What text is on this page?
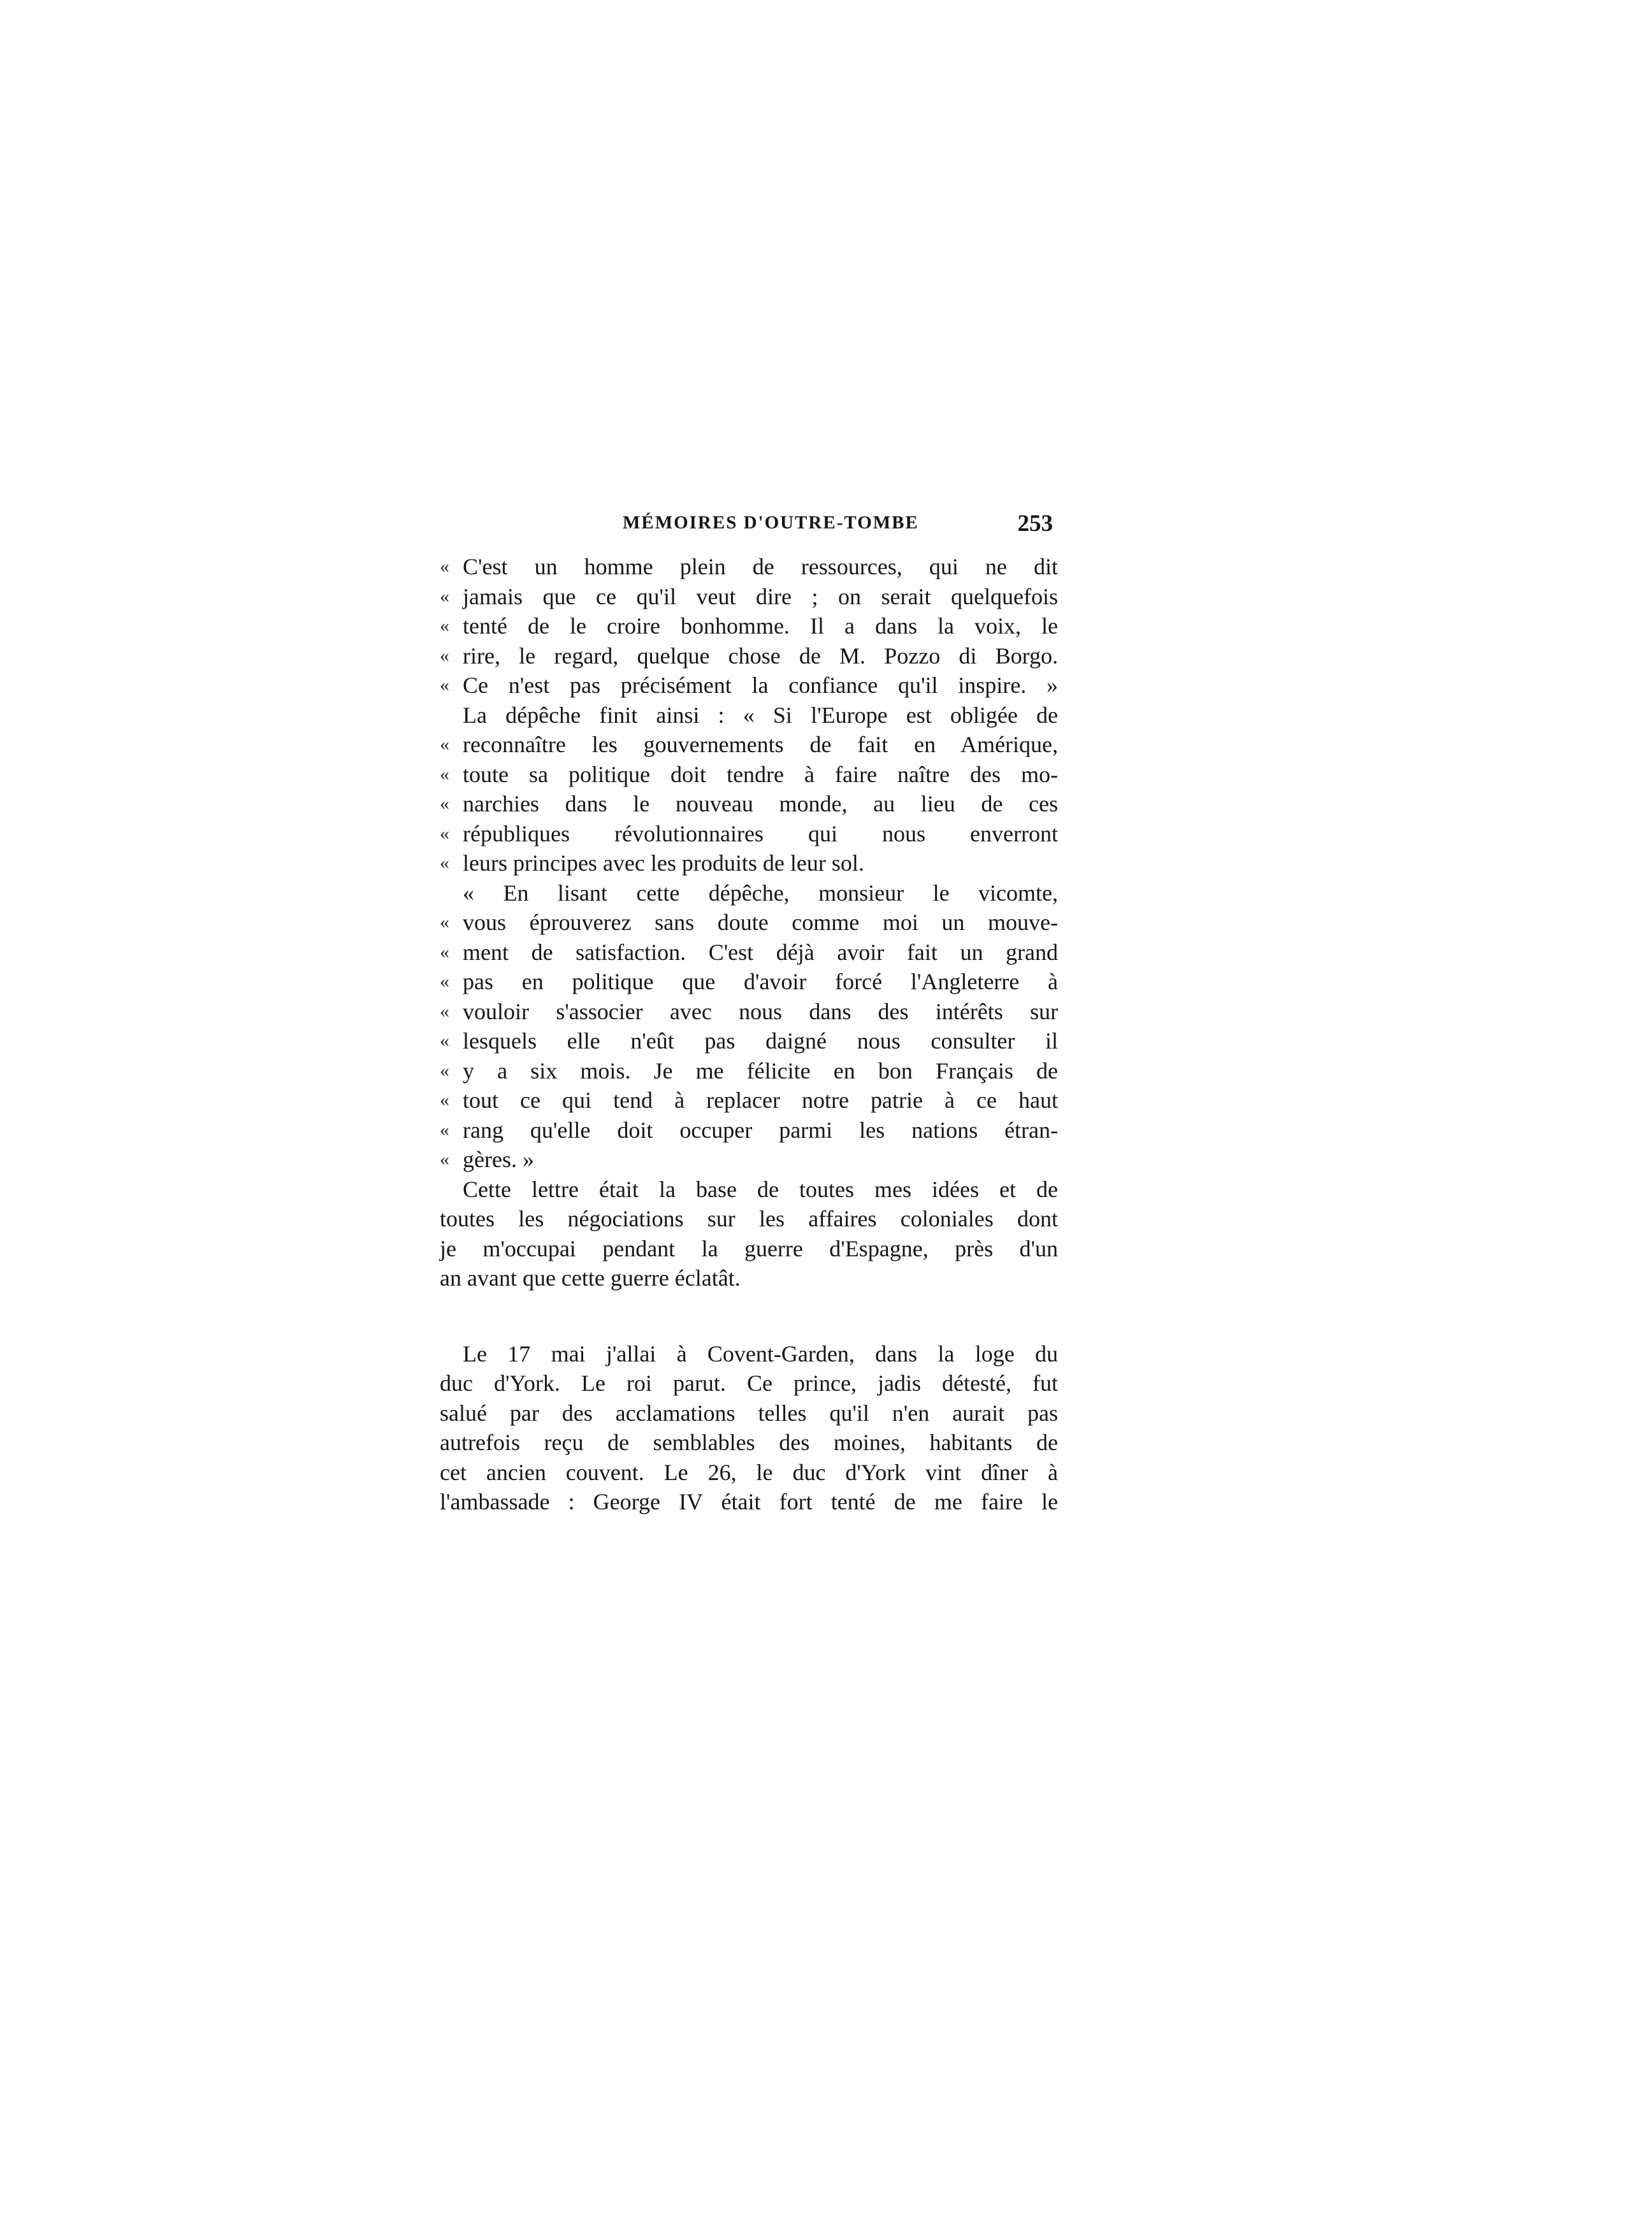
MÉMOIRES D'OUTRE-TOMBE	253
« C'est un homme plein de ressources, qui ne dit
« jamais que ce qu'il veut dire ; on serait quelquefois
« tenté de le croire bonhomme. Il a dans la voix, le
« rire, le regard, quelque chose de M. Pozzo di Borgo.
« Ce n'est pas précisément la confiance qu'il inspire. »
La dépêche finit ainsi : « Si l'Europe est obligée de
« reconnaître les gouvernements de fait en Amérique,
« toute sa politique doit tendre à faire naître des mo-
« narchies dans le nouveau monde, au lieu de ces
« républiques révolutionnaires qui nous enverront
« leurs principes avec les produits de leur sol.
« En lisant cette dépêche, monsieur le vicomte,
« vous éprouverez sans doute comme moi un mouve-
« ment de satisfaction. C'est déjà avoir fait un grand
« pas en politique que d'avoir forcé l'Angleterre à
« vouloir s'associer avec nous dans des intérêts sur
« lesquels elle n'eût pas daigné nous consulter il
« y a six mois. Je me félicite en bon Français de
« tout ce qui tend à replacer notre patrie à ce haut
« rang qu'elle doit occuper parmi les nations étran-
« gères. »
Cette lettre était la base de toutes mes idées et de
toutes les négociations sur les affaires coloniales dont
je m'occupai pendant la guerre d'Espagne, près d'un
an avant que cette guerre éclatât.
Le 17 mai j'allai à Covent-Garden, dans la loge du
duc d'York. Le roi parut. Ce prince, jadis détesté, fut
salué par des acclamations telles qu'il n'en aurait pas
autrefois reçu de semblables des moines, habitants de
cet ancien couvent. Le 26, le duc d'York vint dîner à
l'ambassade : George IV était fort tenté de me faire le
